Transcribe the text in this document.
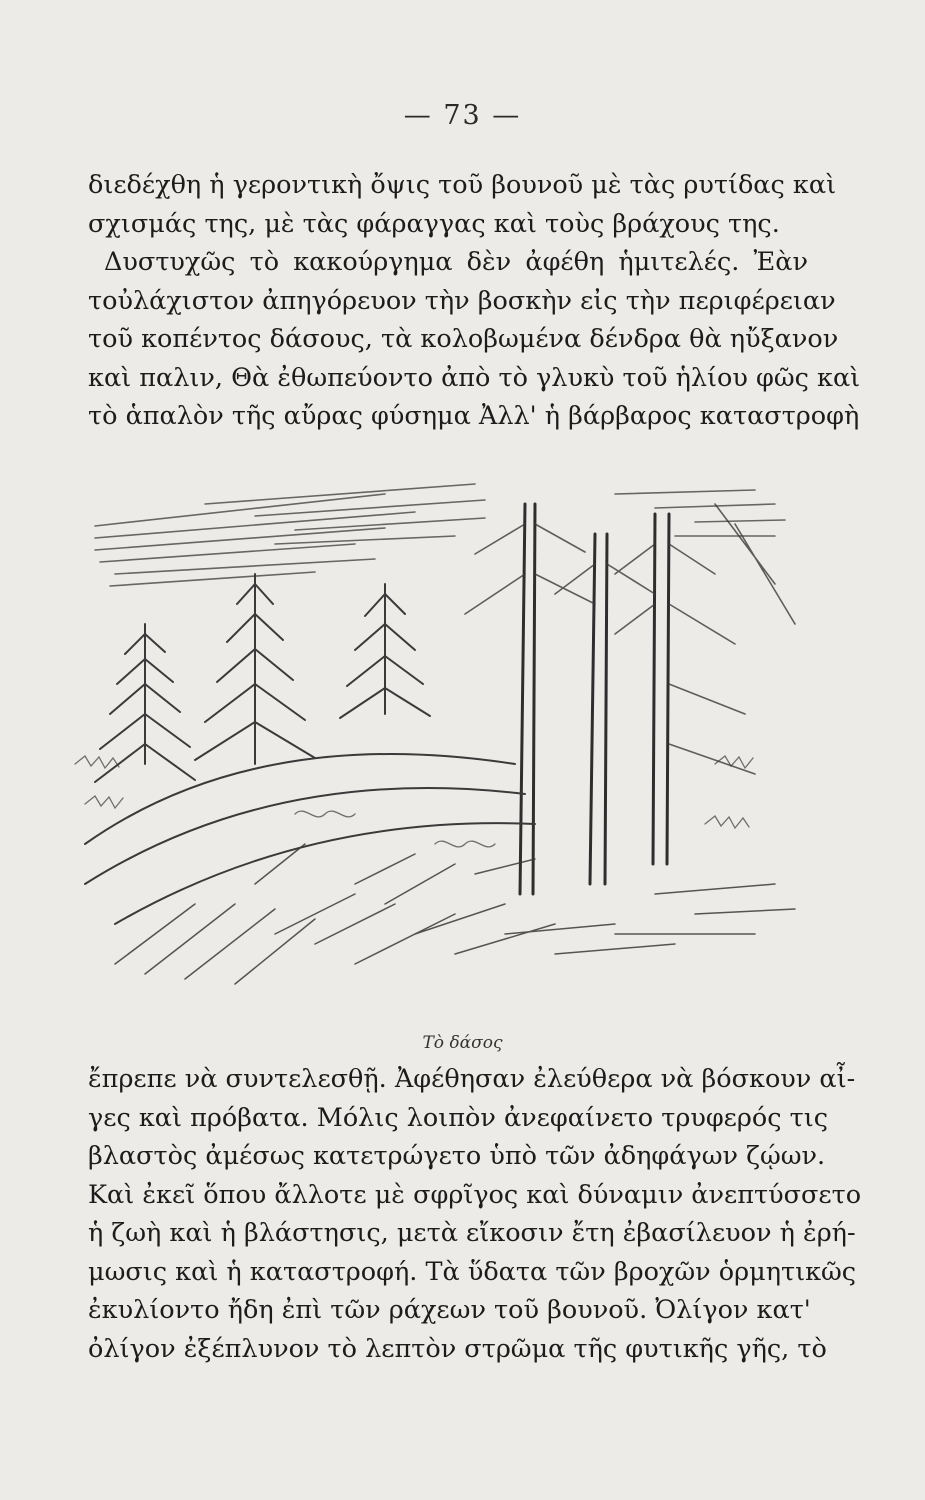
— 73 —
διεδέχθη ἡ γεροντικὴ ὄψις τοῦ βουνοῦ μὲ τὰς ρυτίδας καὶ
σχισμάς της, μὲ τὰς φάραγγας καὶ τοὺς βράχους της.
Δυστυχῶς τὸ κακούργημα δὲν ἀφέθη ἡμιτελές. Ἐὰν
τοὐλάχιστον ἀπηγόρευον τὴν βοσκὴν εἰς τὴν περιφέρειαν
τοῦ κοπέντος δάσους, τὰ κολοβωμένα δένδρα θὰ ηὔξανον
καὶ παλιν, Θὰ ἐθωπεύοντο ἀπὸ τὸ γλυκὺ τοῦ ἡλίου φῶς καὶ
τὸ ἁπαλὸν τῆς αὔρας φύσημα Ἀλλ' ἡ βάρβαρος καταστροφὴ
Τὸ δάσος
ἔπρεπε νὰ συντελεσθῇ. Ἀφέθησαν ἐλεύθερα νὰ βόσκουν αἶ-
γες καὶ πρόβατα. Μόλις λοιπὸν ἀνεφαίνετο τρυφερός τις
βλαστὸς ἀμέσως κατετρώγετο ὑπὸ τῶν ἀδηφάγων ζῴων.
Καὶ ἐκεῖ ὅπου ἄλλοτε μὲ σφρῖγος καὶ δύναμιν ἀνεπτύσσετο
ἡ ζωὴ καὶ ἡ βλάστησις, μετὰ εἴκοσιν ἔτη ἐβασίλευον ἡ ἐρή-
μωσις καὶ ἡ καταστροφή. Τὰ ὕδατα τῶν βροχῶν ὁρμητικῶς
ἐκυλίοντο ἤδη ἐπὶ τῶν ράχεων τοῦ βουνοῦ. Ὀλίγον κατ'
ὀλίγον ἐξέπλυνον τὸ λεπτὸν στρῶμα τῆς φυτικῆς γῆς, τὸ
